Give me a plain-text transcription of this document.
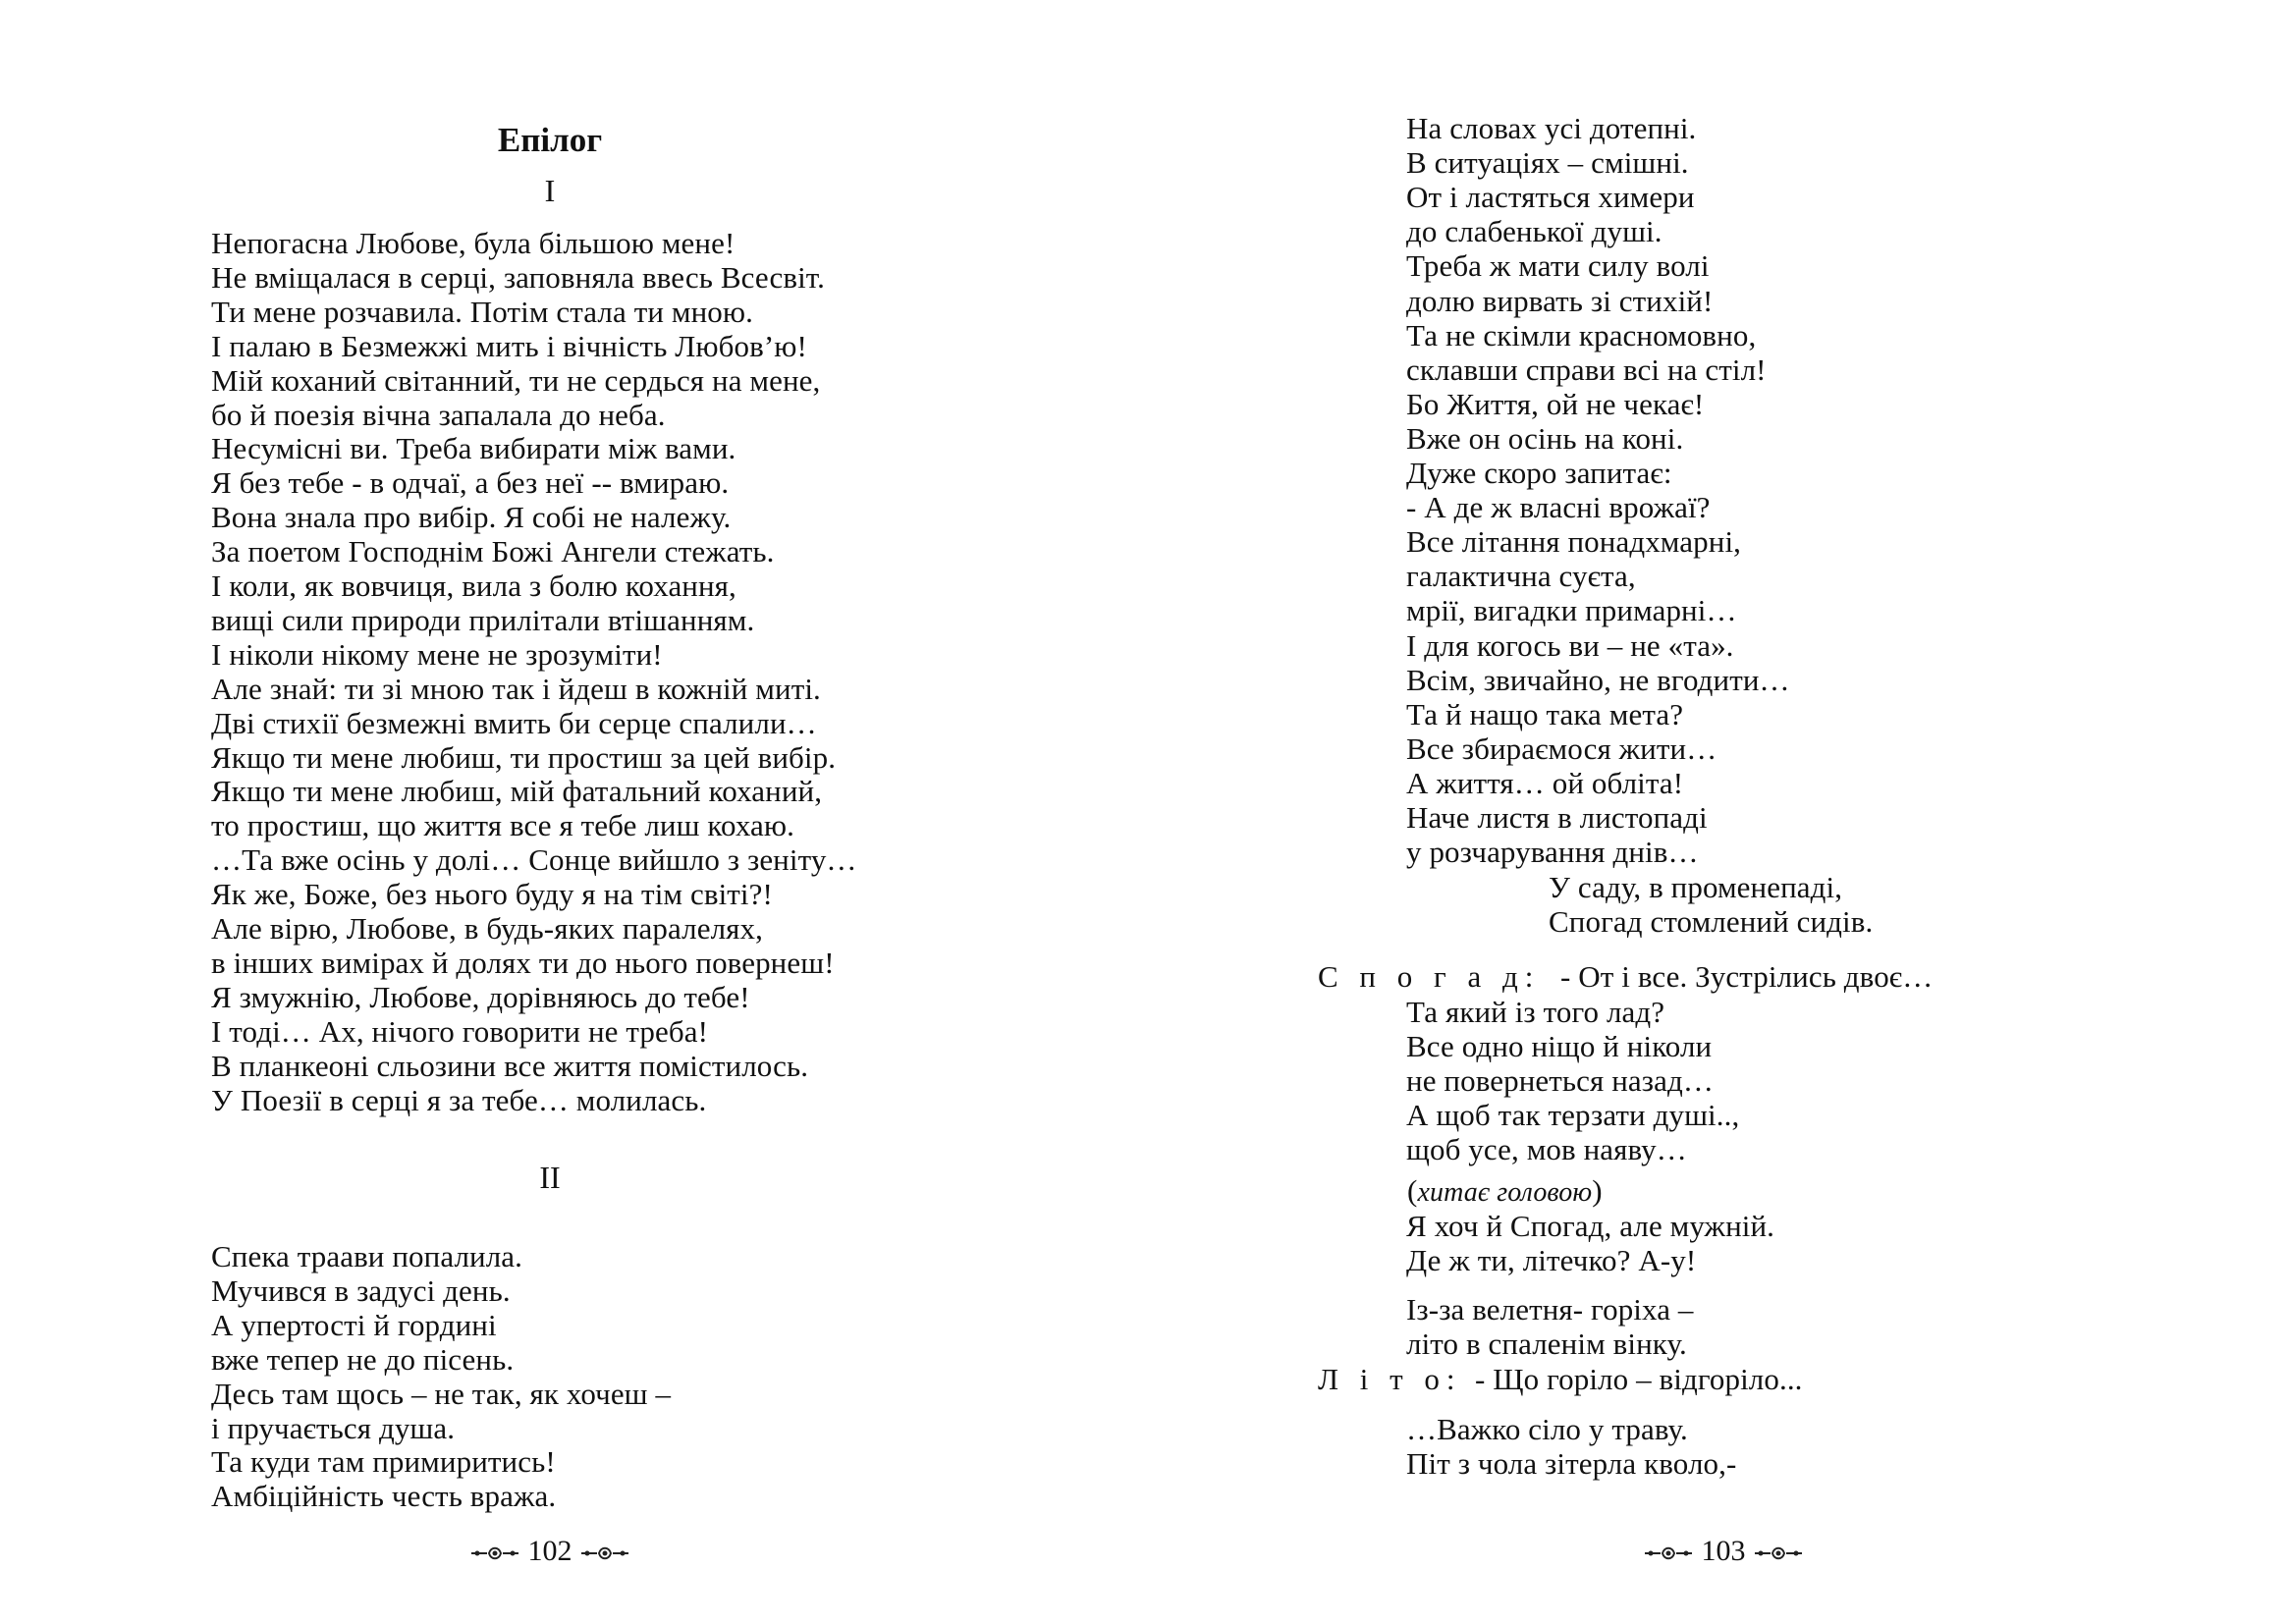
Епілог
I
Непогасна Любове, була більшою мене!
Не вміщалася в серці, заповняла ввесь Всесвіт.
Ти мене розчавила. Потім стала ти мною.
І палаю в Безмежжі мить і вічність Любов’ю!
Мій коханий світанний, ти не сердься на мене,
бо й поезія вічна запалала до неба.
Несумісні ви. Треба вибирати між вами.
Я без тебе - в одчаї, а без неї -- вмираю.
Вона знала про вибір. Я собі не належу.
За поетом Господнім Божі Ангели стежать.
І коли, як вовчиця, вила з болю кохання,
вищі сили природи прилітали втішанням.
І ніколи нікому мене не зрозуміти!
Але знай: ти зі мною так і йдеш в кожній миті.
Дві стихії безмежні вмить би серце спалили…
Якщо ти мене любиш, ти простиш за цей вибір.
Якщо ти мене любиш, мій фатальний коханий,
то простиш, що життя все я тебе лиш кохаю.
…Та вже осінь у долі… Сонце вийшло з зеніту…
Як же, Боже, без нього буду я на тім світі?!
Але вірю, Любове, в будь-яких паралелях,
в інших вимірах й долях ти до нього повернеш!
Я змужнію, Любове, дорівняюсь до тебе!
І тоді… Ах, нічого говорити не треба!
В планкеоні сльозини все життя помістилось.
У Поезії в серці я за тебе… молилась.
II
Спека траави попалила.
Мучився в задусі день.
А упертості й гордині
вже тепер не до пісень.
Десь там щось – не так, як хочеш –
і пручається душа.
Та куди там примиритись!
Амбіційність честь вража.
102
На словах усі дотепні.
В ситуаціях – смішні.
От і ластяться химери
до слабенької душі.
Треба ж мати силу волі
долю вирвать зі стихій!
Та не скімли красномовно,
склавши справи всі на стіл!
Бо Життя, ой не чекає!
Вже он осінь на коні.
Дуже скоро запитає:
- А де ж власні врожаї?
Все літання понадхмарні,
галактична суєта,
мрії, вигадки примарні…
І для когось ви – не «та».
Всім, звичайно, не вгодити…
Та й нащо така мета?
Все збираємося жити…
А життя… ой обліта!
Наче листя в листопаді
у розчарування днів…
У саду, в променепаді,
Спогад стомлений сидів.
С п о г а д: - От і все. Зустрілись двоє…
Та який із того лад?
Все одно ніщо й ніколи
не повернеться назад…
А щоб так терзати душі..,
щоб усе, мов наяву…
(хитає головою)
Я хоч й Спогад, але мужній.
Де ж ти, літечко? А-у!
Із-за велетня- горіха –
літо в спаленім вінку.
Л і т о: - Що горіло – відгоріло...
…Важко сіло у траву.
Піт з чола зітерла кволо,-
103
